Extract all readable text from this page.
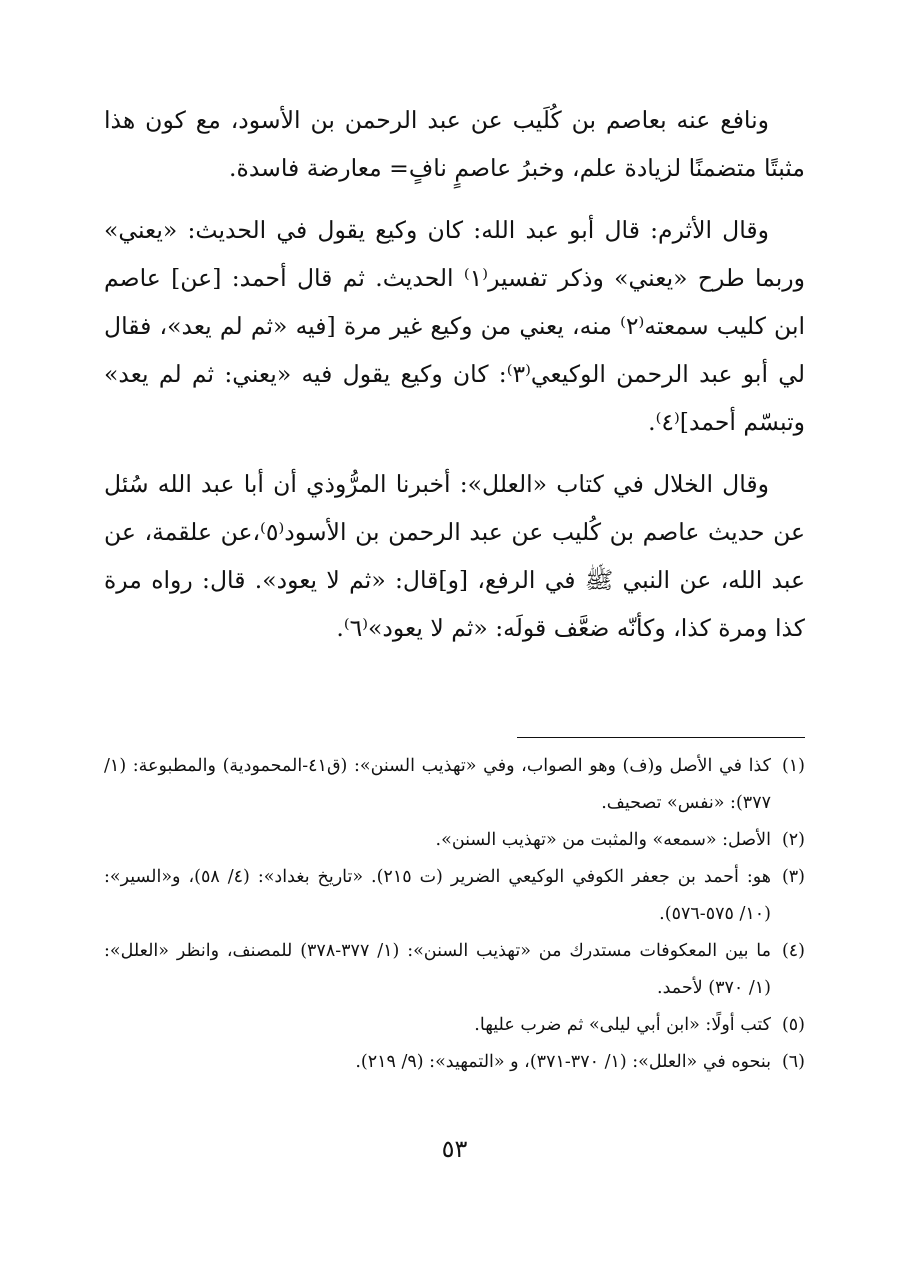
ونافع عنه بعاصم بن كُلَيب عن عبد الرحمن بن الأسود، مع كون هذا مثبتًا متضمنًا لزيادة علم، وخبرُ عاصمٍ نافٍ= معارضة فاسدة.

وقال الأثرم: قال أبو عبد الله: كان وكيع يقول في الحديث: «يعني» وربما طرح «يعني» وذكر تفسير⁽١⁾ الحديث. ثم قال أحمد: [عن] عاصم ابن كليب سمعته⁽٢⁾ منه، يعني من وكيع غير مرة [فيه «ثم لم يعد»، فقال لي أبو عبد الرحمن الوكيعي⁽٣⁾: كان وكيع يقول فيه «يعني: ثم لم يعد» وتبسّم أحمد]⁽٤⁾.

وقال الخلال في كتاب «العلل»: أخبرنا المرُّوذي أن أبا عبد الله سُئل عن حديث عاصم بن كُليب عن عبد الرحمن بن الأسود⁽٥⁾،عن علقمة، عن عبد الله، عن النبي ﷺ في الرفع، [و]قال: «ثم لا يعود». قال: رواه مرة كذا ومرة كذا، وكأنّه ضعَّف قولَه: «ثم لا يعود»⁽٦⁾.

(١)
كذا في الأصل و(ف) وهو الصواب، وفي «تهذيب السنن»: (ق٤١-المحمودية) والمطبوعة: (١/ ٣٧٧): «نفس» تصحيف.
(٢)
الأصل: «سمعه» والمثبت من «تهذيب السنن».
(٣)
هو: أحمد بن جعفر الكوفي الوكيعي الضرير (ت ٢١٥). «تاريخ بغداد»: (٤/ ٥٨)، و«السير»: (١٠/ ٥٧٥-٥٧٦).
(٤)
ما بين المعكوفات مستدرك من «تهذيب السنن»: (١/ ٣٧٧-٣٧٨) للمصنف، وانظر «العلل»: (١/ ٣٧٠) لأحمد.
(٥)
كتب أولًا: «ابن أبي ليلى» ثم ضرب عليها.
(٦)
بنحوه في «العلل»: (١/ ٣٧٠-٣٧١)، و «التمهيد»: (٩/ ٢١٩).
٥٣
